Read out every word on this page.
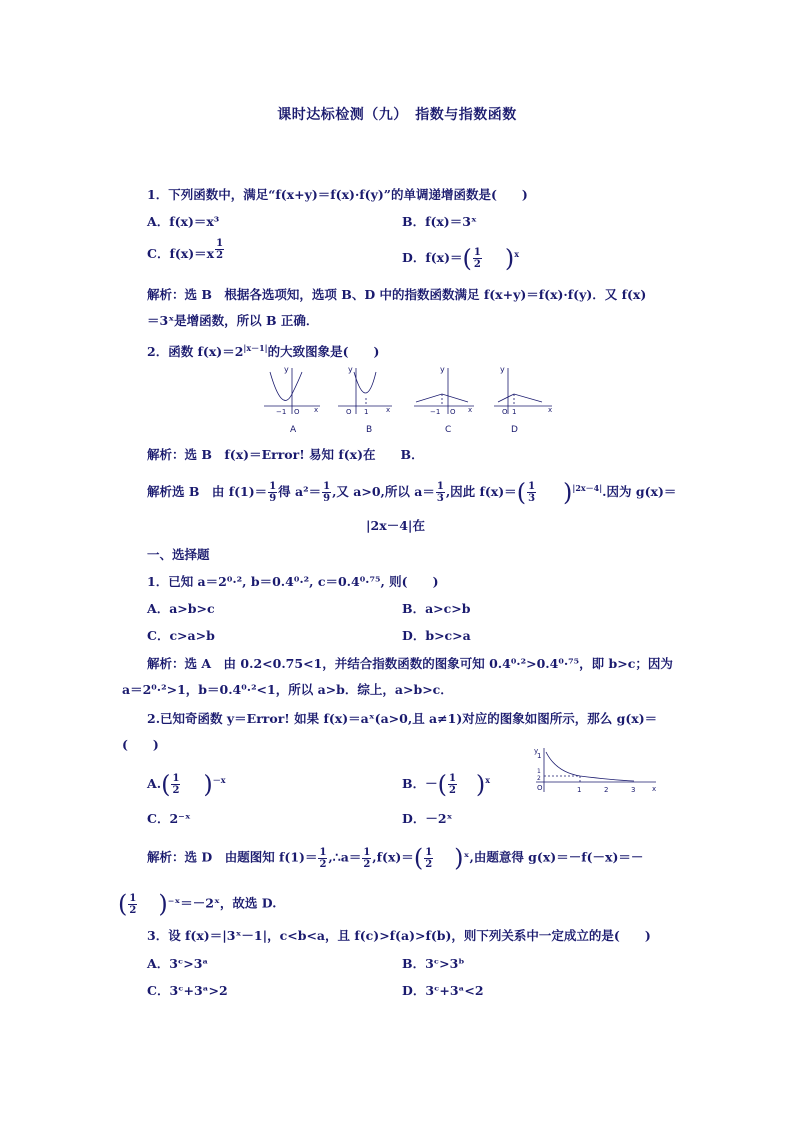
课时达标检测（九）　指数与指数函数
1．下列函数中，满足“f(x+y)＝f(x)·f(y)”的单调递增函数是(　　)
A．f(x)＝x³	B．f(x)＝3ˣ
C．$f(x)=x \frac{1}{2}$	D．$f(x)=( \frac{1}{2} )^x$
解析：选 B　根据各选项知，选项 B、D 中的指数函数满足 f(x+y)＝f(x)·f(y)．又 f(x)
＝3ˣ是增函数，所以 B 正确．
2．函数 $f(x)=2^{|x-1|}$的大致图象是(　　)
y
x
−1 O
y
x
O 1
y
x
−1 O
y
x
O 1
A	B	C	D
解析：选 B　f(x)＝Error! 易知 f(x)在　　B．
解析选 B　由 $f(1)= \frac{1}{9}$ 得 $a^2= \frac{1}{9}$ ,又 a>0,所以 $a= \frac{1}{3}$ ,因此 $f(x)=( \frac{1}{3} )^{|2x-4|}$.因为 g(x)＝
|2x－4|在
一、选择题
1．已知 a＝2⁰·², b＝0.4⁰·², c＝0.4⁰·⁷⁵, 则(　　)
A．a>b>c	B．a>c>b
C．c>a>b	D．b>c>a
解析：选 A　由 0.2<0.75<1，并结合指数函数的图象可知 0.4⁰·²>0.4⁰·⁷⁵，即 b>c；因为
a＝2⁰·²>1，b＝0.4⁰·²<1，所以 a>b．综上，a>b>c．
2.已知奇函数 y＝Error! 如果 f(x)＝aˣ(a>0,且 a≠1)对应的图象如图所示，那么 g(x)＝
(　　)	y
x
O	1	2	3
1
1
2
$A.( \frac{1}{2} )^{-x}$	B．－( $\frac{1}{2} )^x$
C．2⁻ˣ	D．－2ˣ
解析：选 D　由题图知 $f(1)= \frac{1}{2}$ ,∴a＝ $\frac{1}{2} ,f(x)=( \frac{1}{2}$ )ˣ,由题意得 g(x)＝－f(－x)＝－
( $\frac{1}{2}$ )⁻ˣ＝－2ˣ，故选 D.
3．设 f(x)＝|3ˣ－1|，c<b<a，且 f(c)>f(a)>f(b)，则下列关系中一定成立的是(　　)
A．3ᶜ>3ᵃ	B．3ᶜ>3ᵇ
C．3ᶜ+3ᵃ>2	D．3ᶜ+3ᵃ<2
